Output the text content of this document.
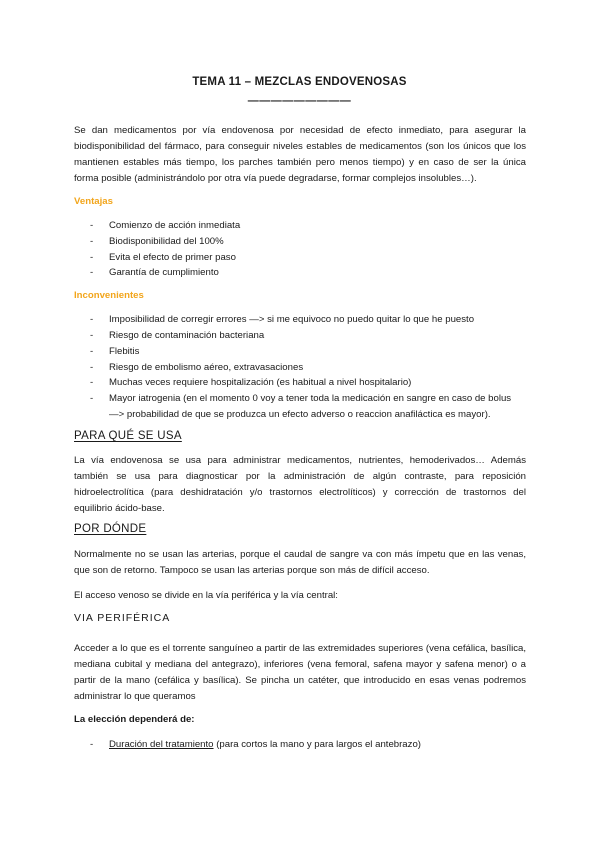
TEMA 11 – MEZCLAS ENDOVENOSAS
—————————
Se dan medicamentos por vía endovenosa por necesidad de efecto inmediato, para asegurar la
biodisponibilidad del fármaco, para conseguir niveles estables de medicamentos (son los únicos que los
mantienen estables más tiempo, los parches también pero menos tiempo) y en caso de ser la única
forma posible (administrándolo por otra vía puede degradarse, formar complejos insolubles…).
Ventajas
- Comienzo de acción inmediata
- Biodisponibilidad del 100%
- Evita el efecto de primer paso
- Garantía de cumplimiento
Inconvenientes
- Imposibilidad de corregir errores —> si me equivoco no puedo quitar lo que he puesto
- Riesgo de contaminación bacteriana
- Flebitis
- Riesgo de embolismo aéreo, extravasaciones
- Muchas veces requiere hospitalización (es habitual a nivel hospitalario)
- Mayor iatrogenia (en el momento 0 voy a tener toda la medicación en sangre en caso de bolus
—> probabilidad de que se produzca un efecto adverso o reaccion anafiláctica es mayor).
PARA QUÉ SE USA
La vía endovenosa se usa para administrar medicamentos, nutrientes, hemoderivados… Además
también se usa para diagnosticar por la administración de algún contraste, para reposición
hidroelectrolítica (para deshidratación y/o trastornos electrolíticos) y corrección de trastornos del
equilibrio ácido-base.
POR DÓNDE
Normalmente no se usan las arterias, porque el caudal de sangre va con más ímpetu que en las venas,
que son de retorno. Tampoco se usan las arterias porque son más de difícil acceso.
El acceso venoso se divide en la vía periférica y la vía central:
VIA PERIFÉRICA
Acceder a lo que es el torrente sanguíneo a partir de las extremidades superiores (vena cefálica, basílica,
mediana cubital y mediana del antegrazo), inferiores (vena femoral, safena mayor y safena menor) o a
partir de la mano (cefálica y basílica). Se pincha un catéter, que introducido en esas venas podremos
administrar lo que queramos
La elección dependerá de:
- Duración del tratamiento (para cortos la mano y para largos el antebrazo)
